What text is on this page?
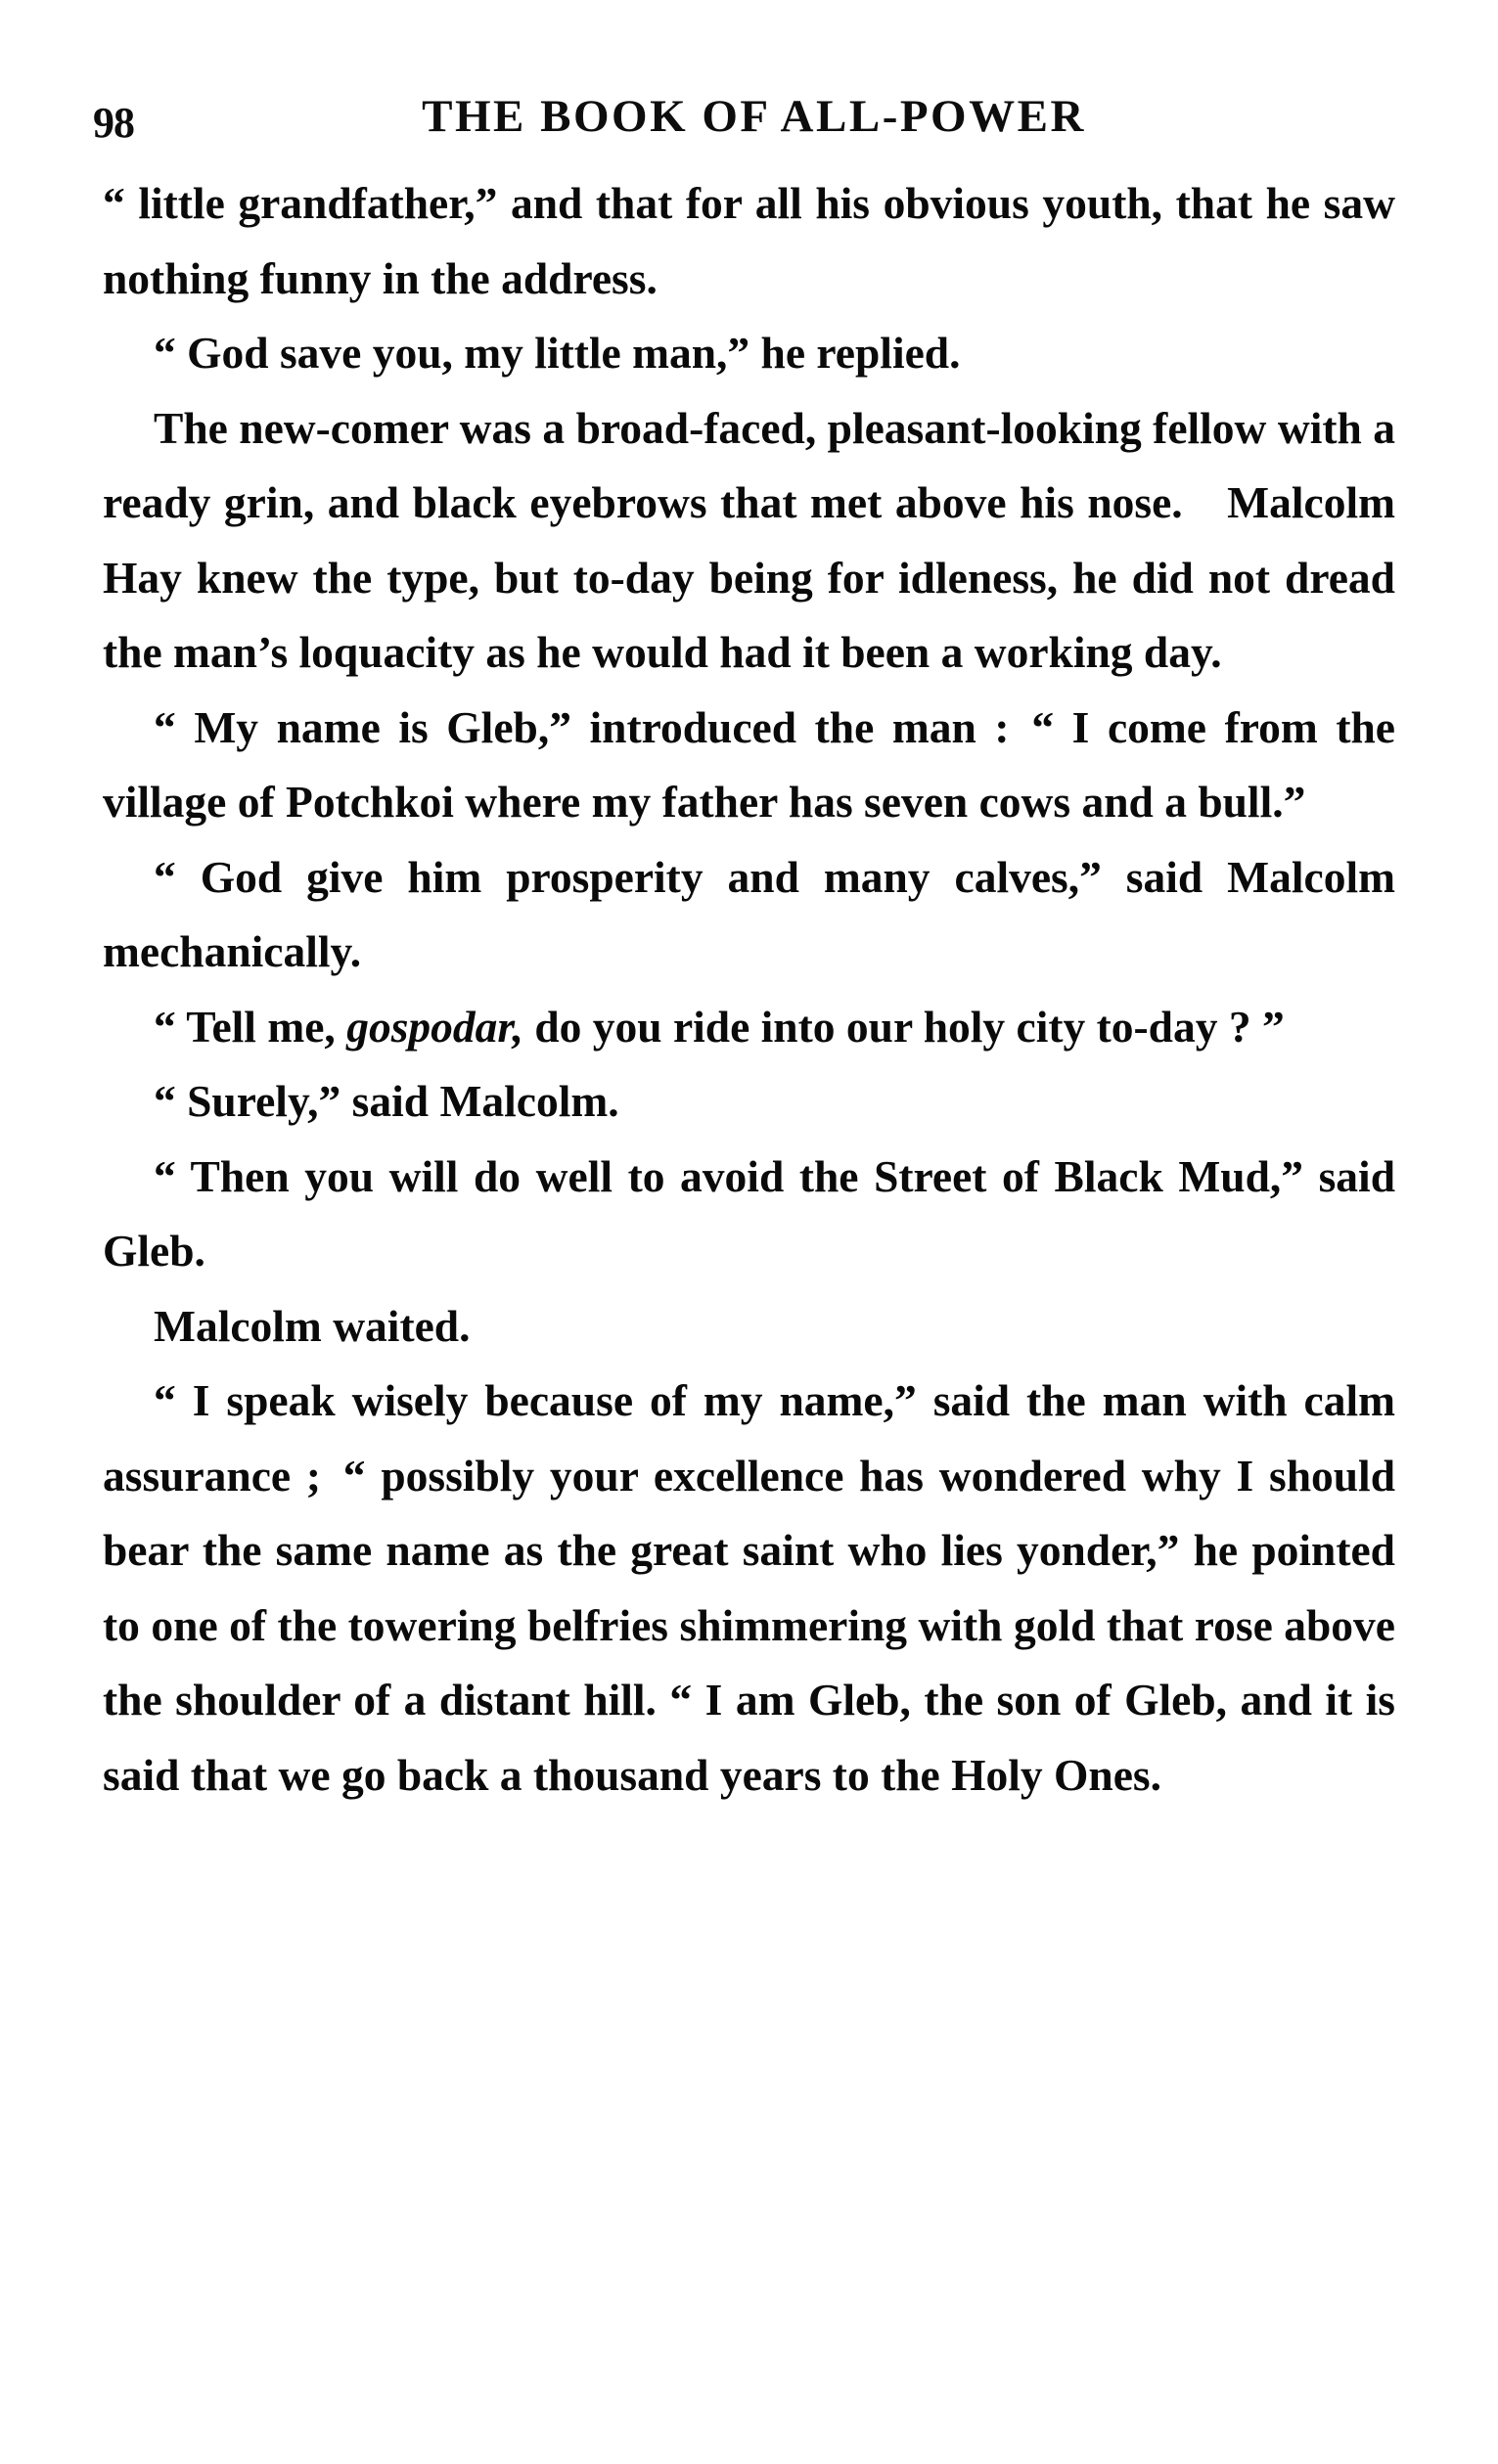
98	THE BOOK OF ALL-POWER

“ little grandfather,” and that for all his obvious youth, that he saw nothing funny in the address.

“ God save you, my little man,” he replied.

The new-comer was a broad-faced, pleasant-looking fellow with a ready grin, and black eyebrows that met above his nose. Malcolm Hay knew the type, but to-day being for idleness, he did not dread the man’s loquacity as he would had it been a working day.

“ My name is Gleb,” introduced the man : “ I come from the village of Potchkoi where my father has seven cows and a bull.”

“ God give him prosperity and many calves,” said Malcolm mechanically.

“ Tell me, gospodar, do you ride into our holy city to-day ? ”

“ Surely,” said Malcolm.

“ Then you will do well to avoid the Street of Black Mud,” said Gleb.

Malcolm waited.

“ I speak wisely because of my name,” said the man with calm assurance ; “ possibly your excellence has wondered why I should bear the same name as the great saint who lies yonder,” he pointed to one of the towering belfries shimmering with gold that rose above the shoulder of a distant hill. “ I am Gleb, the son of Gleb, and it is said that we go back a thousand years to the Holy Ones.
